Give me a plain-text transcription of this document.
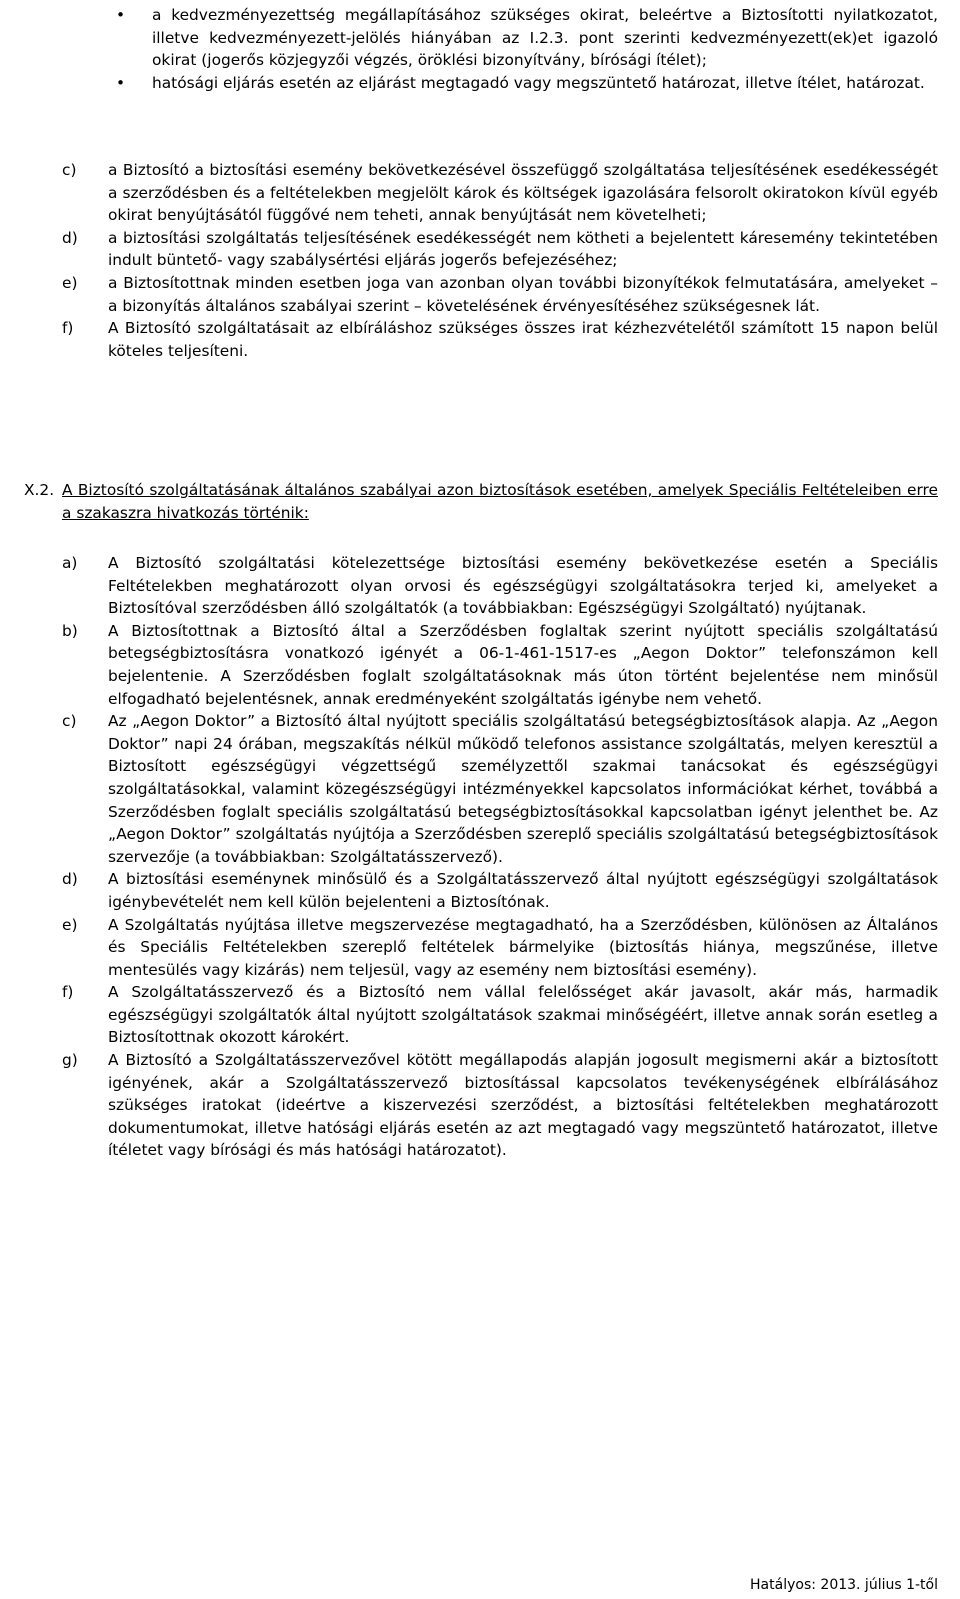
• a kedvezményezettség megállapításához szükséges okirat, beleértve a Biztosítotti nyilatkozatot, illetve kedvezményezett-jelölés hiányában az I.2.3. pont szerinti kedvezményezett(ek)et igazoló okirat (jogerős közjegyzői végzés, öröklési bizonyítvány, bírósági ítélet);
• hatósági eljárás esetén az eljárást megtagadó vagy megszüntető határozat, illetve ítélet, határozat.
c) a Biztosító a biztosítási esemény bekövetkezésével összefüggő szolgáltatása teljesítésének esedékességét a szerződésben és a feltételekben megjelölt károk és költségek igazolására felsorolt okiratokon kívül egyéb okirat benyújtásától függővé nem teheti, annak benyújtását nem követelheti;
d) a biztosítási szolgáltatás teljesítésének esedékességét nem kötheti a bejelentett káresemény tekintetében indult büntető- vagy szabálysértési eljárás jogerős befejezéséhez;
e) a Biztosítottnak minden esetben joga van azonban olyan további bizonyítékok felmutatására, amelyeket – a bizonyítás általános szabályai szerint – követelésének érvényesítéséhez szükségesnek lát.
f) A Biztosító szolgáltatásait az elbíráláshoz szükséges összes irat kézhezvételétől számított 15 napon belül köteles teljesíteni.
X.2. A Biztosító szolgáltatásának általános szabályai azon biztosítások esetében, amelyek Speciális Feltételeiben erre a szakaszra hivatkozás történik:
a) A Biztosító szolgáltatási kötelezettsége biztosítási esemény bekövetkezése esetén a Speciális Feltételekben meghatározott olyan orvosi és egészségügyi szolgáltatásokra terjed ki, amelyeket a Biztosítóval szerződésben álló szolgáltatók (a továbbiakban: Egészségügyi Szolgáltató) nyújtanak.
b) A Biztosítottnak a Biztosító által a Szerződésben foglaltak szerint nyújtott speciális szolgáltatású betegségbiztosításra vonatkozó igényét a 06-1-461-1517-es „Aegon Doktor” telefonszámon kell bejelentenie. A Szerződésben foglalt szolgáltatásoknak más úton történt bejelentése nem minősül elfogadható bejelentésnek, annak eredményeként szolgáltatás igénybe nem vehető.
c) Az „Aegon Doktor” a Biztosító által nyújtott speciális szolgáltatású betegségbiztosítások alapja. Az „Aegon Doktor” napi 24 órában, megszakítás nélkül működő telefonos assistance szolgáltatás, melyen keresztül a Biztosított egészségügyi végzettségű személyzettől szakmai tanácsokat és egészségügyi szolgáltatásokkal, valamint közegészségügyi intézményekkel kapcsolatos információkat kérhet, továbbá a Szerződésben foglalt speciális szolgáltatású betegségbiztosításokkal kapcsolatban igényt jelenthet be. Az „Aegon Doktor” szolgáltatás nyújtója a Szerződésben szereplő speciális szolgáltatású betegségbiztosítások szervezője (a továbbiakban: Szolgáltatásszervező).
d) A biztosítási eseménynek minősülő és a Szolgáltatásszervező által nyújtott egészségügyi szolgáltatások igénybevételét nem kell külön bejelenteni a Biztosítónak.
e) A Szolgáltatás nyújtása illetve megszervezése megtagadható, ha a Szerződésben, különösen az Általános és Speciális Feltételekben szereplő feltételek bármelyike (biztosítás hiánya, megszűnése, illetve mentesülés vagy kizárás) nem teljesül, vagy az esemény nem biztosítási esemény).
f) A Szolgáltatásszervező és a Biztosító nem vállal felelősséget akár javasolt, akár más, harmadik egészségügyi szolgáltatók által nyújtott szolgáltatások szakmai minőségéért, illetve annak során esetleg a Biztosítottnak okozott károkért.
g) A Biztosító a Szolgáltatásszervezővel kötött megállapodás alapján jogosult megismerni akár a biztosított igényének, akár a Szolgáltatásszervező biztosítással kapcsolatos tevékenységének elbírálásához szükséges iratokat (ideértve a kiszervezési szerződést, a biztosítási feltételekben meghatározott dokumentumokat, illetve hatósági eljárás esetén az azt megtagadó vagy megszüntető határozatot, illetve ítéletet vagy bírósági és más hatósági határozatot).
Hatályos: 2013. július 1-től
